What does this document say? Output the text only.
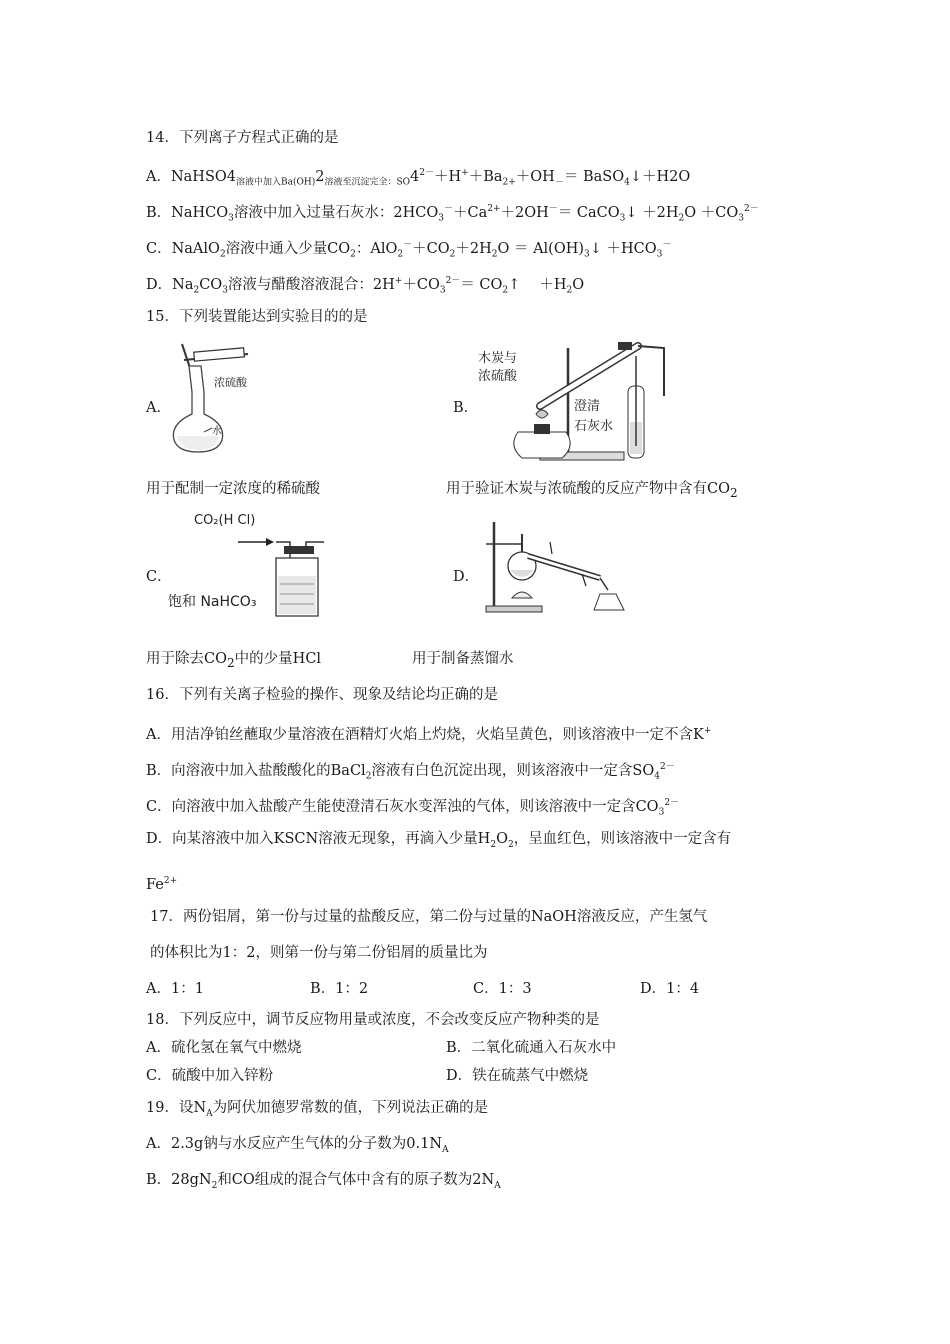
14．下列离子方程式正确的是
A．$NaHSO4_{溶液中加入Ba(OH)}2_{溶液至沉淀完全:SO}4^{2-}+H^++Ba_{2+}+OH_-=$ BaSO$_4$↓＋H2O
B．NaHCO$_3$溶液中加入过量石灰水：$2HCO_3^-+Ca^{2+}+2OH^-=$ CaCO$_3$↓ $+2H_2O +CO_3^{2-}$
C．NaAlO$_2$溶液中通入少量$CO_2$：$AlO_2^-+CO_2+2H_2O$ ＝ $Al(OH)_3↓ +HCO_3^-$
D．$Na_2CO_3$溶液与醋酸溶液混合：$2H^++CO_3^{2-}=$ $CO_2↑$　 $+H_2O$
15．下列装置能达到实验目的的是
A．
浓硫酸
水
B．
木炭与
浓硫酸
澄清
石灰水
用于配制一定浓度的稀硫酸	用于验证木炭与浓硫酸的反应产物中含有$CO_2$
C．
CO₂(H Cl)
饱和 NaHCO₃
D．
用于除去$CO_2$中的少量HCl	用于制备蒸馏水
16．下列有关离子检验的操作、现象及结论均正确的是
A．用洁净铂丝蘸取少量溶液在酒精灯火焰上灼烧，火焰呈黄色，则该溶液中一定不含K+
B．向溶液中加入盐酸酸化的BaCl$_2$溶液有白色沉淀出现，则该溶液中一定含$SO_4^{2-}$
C．向溶液中加入盐酸产生能使澄清石灰水变浑浊的气体，则该溶液中一定含$CO_3^{2-}$
D．向某溶液中加入KSCN溶液无现象，再滴入少量$H_2O_2$，呈血红色，则该溶液中一定含有
$Fe^{2+}$
17．两份铝屑，第一份与过量的盐酸反应，第二份与过量的NaOH溶液反应，产生氢气
的体积比为1：2，则第一份与第二份铝屑的质量比为
A．1：1	B．1：2	C．1：3	D．1：4
18．下列反应中，调节反应物用量或浓度，不会改变反应产物种类的是
A．硫化氢在氧气中燃烧	B．二氧化硫通入石灰水中
C．硫酸中加入锌粉	D．铁在硫蒸气中燃烧
19．设$N_A$为阿伏加德罗常数的值，下列说法正确的是
A．2.3g钠与水反应产生气体的分子数为$0.1N_A$
B．$28gN_2$和CO组成的混合气体中含有的原子数为$2N_A$
